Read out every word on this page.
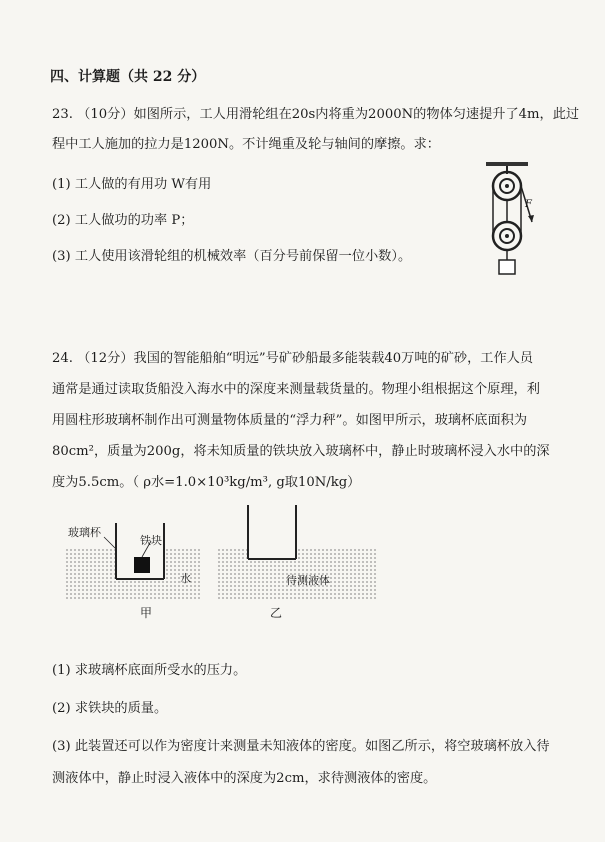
四、计算题（共 22 分）
23. （10分）如图所示，工人用滑轮组在20s内将重为2000N的物体匀速提升了4m，此过
程中工人施加的拉力是1200N。不计绳重及轮与轴间的摩擦。求：
(1) 工人做的有用功 W有用
(2) 工人做功的功率 P；
(3) 工人使用该滑轮组的机械效率（百分号前保留一位小数）。
F
24. （12分）我国的智能船舶“明远”号矿砂船最多能装载40万吨的矿砂，工作人员
通常是通过读取货船没入海水中的深度来测量载货量的。物理小组根据这个原理，利
用圆柱形玻璃杯制作出可测量物体质量的“浮力秤”。如图甲所示，玻璃杯底面积为
80cm²，质量为200g，将未知质量的铁块放入玻璃杯中，静止时玻璃杯浸入水中的深
度为5.5cm。（ ρ水=1.0×10³kg/m³, g取10N/kg）
玻璃杯
铁块
水	待测液体
甲	乙
(1) 求玻璃杯底面所受水的压力。
(2) 求铁块的质量。
(3) 此装置还可以作为密度计来测量未知液体的密度。如图乙所示，将空玻璃杯放入待
测液体中，静止时浸入液体中的深度为2cm，求待测液体的密度。
